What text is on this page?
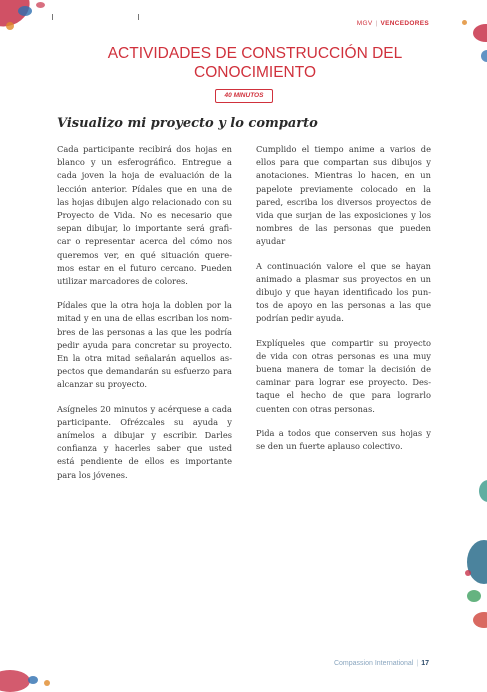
MGV | VENCEDORES
ACTIVIDADES DE CONSTRUCCIÓN DEL CONOCIMIENTO
40 MINUTOS
Visualizo mi proyecto y lo comparto

Cada participante recibirá dos hojas en blanco y un esferográfico. Entregue a cada joven la hoja de evaluación de la lección anterior. Pídales que en una de las hojas dibujen algo relacionado con su Proyecto de Vida. No es necesario que sepan dibujar, lo importante será graficar o representar acerca del cómo nos queremos ver, en qué situación queremos estar en el futuro cercano. Pueden utilizar marcadores de colores.

Pídales que la otra hoja la doblen por la mitad y en una de ellas escriban los nombres de las personas a las que les podría pedir ayuda para concretar su proyecto. En la otra mitad señalarán aquellos aspectos que demandarán su esfuerzo para alcanzar su proyecto.

Asígneles 20 minutos y acérquese a cada participante. Ofrézcales su ayuda y anímelos a dibujar y escribir. Darles confianza y hacerles saber que usted está pendiente de ellos es importante para los jóvenes.

Cumplido el tiempo anime a varios de ellos para que compartan sus dibujos y anotaciones. Mientras lo hacen, en un papelote previamente colocado en la pared, escriba los diversos proyectos de vida que surjan de las exposiciones y los nombres de las personas que pueden ayudar

A continuación valore el que se hayan animado a plasmar sus proyectos en un dibujo y que hayan identificado los puntos de apoyo en las personas a las que podrían pedir ayuda.

Explíqueles que compartir su proyecto de vida con otras personas es una muy buena manera de tomar la decisión de caminar para lograr ese proyecto. Destaque el hecho de que para lograrlo cuenten con otras personas.

Pida a todos que conserven sus hojas y se den un fuerte aplauso colectivo.

Compassion International | 17
